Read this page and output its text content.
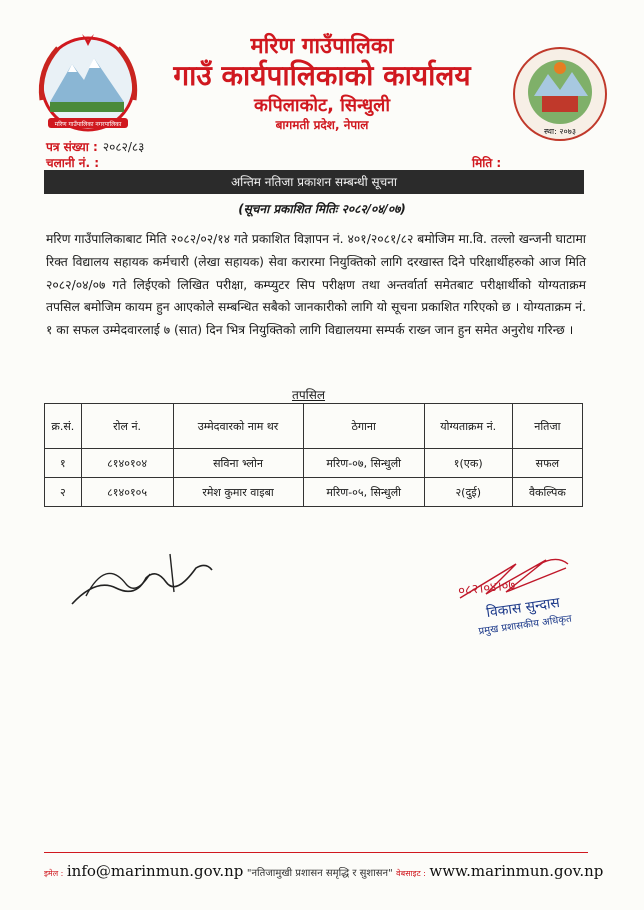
मरिण गाउँपालिका नगरपालिका
स्था: २०७३
मरिण गाउँपालिका
गाउँ कार्यपालिकाको कार्यालय
कपिलाकोट, सिन्धुली
बागमती प्रदेश, नेपाल
पत्र संख्या : २०८२/८३
चलानी नं. :	मिति :
अन्तिम नतिजा प्रकाशन सम्बन्धी सूचना
(सूचना प्रकाशित मितिः २०८२/०४/०७)
मरिण गाउँपालिकाबाट मिति २०८२/०२/१४ गते प्रकाशित विज्ञापन नं. ४०१/२०८१/८२ बमोजिम मा.वि. तल्लो खन्जनी घाटामा रिक्त विद्यालय सहायक कर्मचारी (लेखा सहायक) सेवा करारमा नियुक्तिको लागि दरखास्त दिने परिक्षार्थीहरुको आज मिति २०८२/०४/०७ गते लिईएको लिखित परीक्षा, कम्प्युटर सिप परीक्षण तथा अन्तर्वार्ता समेतबाट परीक्षार्थीको योग्यताक्रम तपसिल बमोजिम कायम हुन आएकोले सम्बन्धित सबैको जानकारीको लागि यो सूचना प्रकाशित गरिएको छ । योग्यताक्रम नं. १ का सफल उम्मेदवारलाई ७ (सात) दिन भित्र नियुक्तिको लागि विद्यालयमा सम्पर्क राख्न जान हुन समेत अनुरोध गरिन्छ ।
तपसिल
क्र.सं.	रोल नं.	उम्मेदवारको नाम थर	ठेगाना	योग्यताक्रम नं.	नतिजा
१	८१४०१०४	सविना भ्लोन	मरिण-०७, सिन्धुली	१(एक)	सफल
२	८१४०१०५	रमेश कुमार वाइबा	मरिण-०५, सिन्धुली	२(दुई)	वैकल्पिक
०८२।०४।०७
विकास सुन्दास
प्रमुख प्रशासकीय अधिकृत
इमेल : info@marinmun.gov.np "नतिजामुखी प्रशासन समृद्धि र सुशासन" वेबसाइट : www.marinmun.gov.np
